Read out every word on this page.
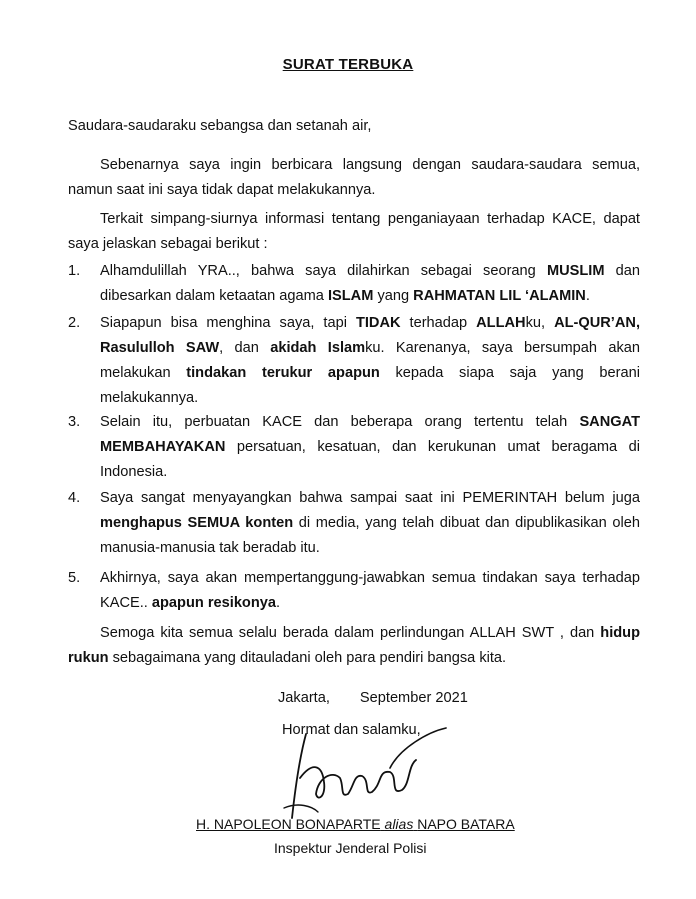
SURAT TERBUKA
Saudara-saudaraku sebangsa dan setanah air,
Sebenarnya saya ingin berbicara langsung dengan saudara-saudara semua, namun saat ini saya tidak dapat melakukannya.
Terkait simpang-siurnya informasi tentang penganiayaan terhadap KACE, dapat saya jelaskan sebagai berikut :
1. Alhamdulillah YRA.., bahwa saya dilahirkan sebagai seorang MUSLIM dan dibesarkan dalam ketaatan agama ISLAM yang RAHMATAN LIL ‘ALAMIN.
2. Siapapun bisa menghina saya, tapi TIDAK terhadap ALLAHku, AL-QUR’AN, Rasululloh SAW, dan akidah Islamku. Karenanya, saya bersumpah akan melakukan tindakan terukur apapun kepada siapa saja yang berani melakukannya.
3. Selain itu, perbuatan KACE dan beberapa orang tertentu telah SANGAT MEMBAHAYAKAN persatuan, kesatuan, dan kerukunan umat beragama di Indonesia.
4. Saya sangat menyayangkan bahwa sampai saat ini PEMERINTAH belum juga menghapus SEMUA konten di media, yang telah dibuat dan dipublikasikan oleh manusia-manusia tak beradab itu.
5. Akhirnya, saya akan mempertanggung-jawabkan semua tindakan saya terhadap KACE.. apapun resikonya.
Semoga kita semua selalu berada dalam perlindungan ALLAH SWT , dan hidup rukun sebagaimana yang ditauladani oleh para pendiri bangsa kita.
Jakarta, September 2021
Hormat dan salamku,
H. NAPOLEON BONAPARTE alias NAPO BATARA
Inspektur Jenderal Polisi
